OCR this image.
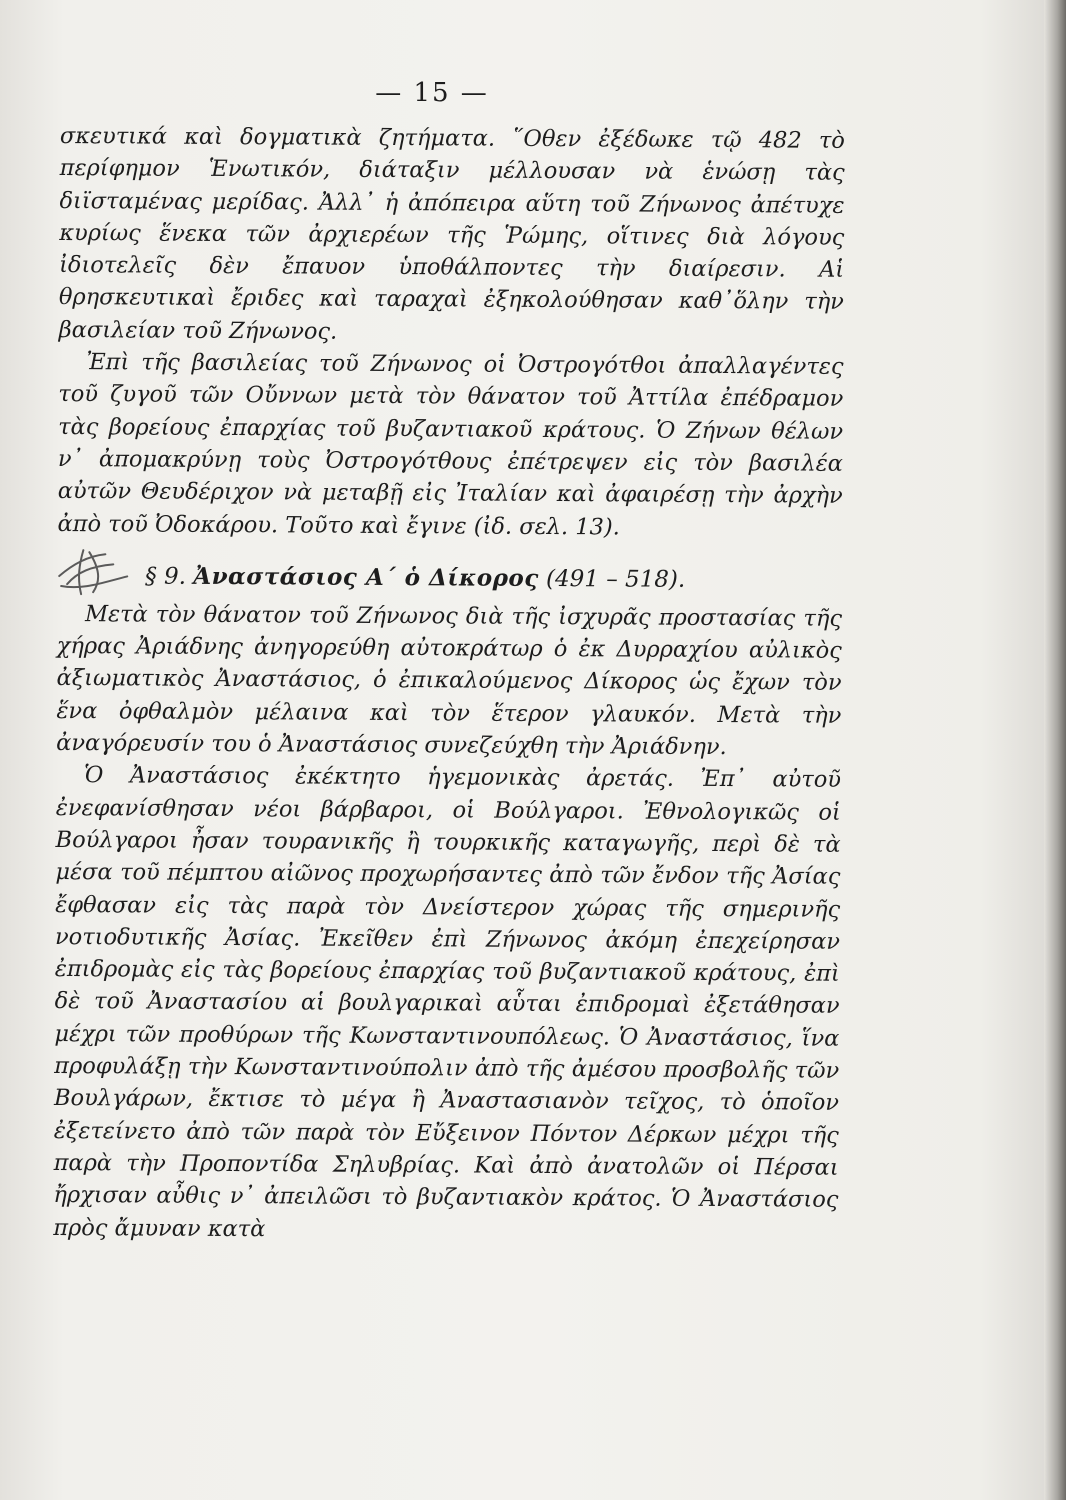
— 15 —

σκευτικά καὶ δογματικὰ ζητήματα. ῞Οθεν ἐξέδωκε τῷ 482 τὸ περίφημον Ἑνωτικόν, διάταξιν μέλλουσαν νὰ ἑνώσῃ τὰς διϊσταμένας μερίδας. Ἀλλ᾿ ἡ ἀπόπειρα αὕτη τοῦ Ζήνωνος ἀπέτυχε κυρίως ἕνεκα τῶν ἀρχιερέων τῆς Ῥώμης, οἵτινες διὰ λόγους ἰδιοτελεῖς δὲν ἔπαυον ὑποθάλποντες τὴν διαίρεσιν. Αἱ θρησκευτικαὶ ἔριδες καὶ ταραχαὶ ἐξηκολούθησαν καθ᾿ὅλην τὴν βασιλείαν τοῦ Ζήνωνος.

Ἐπὶ τῆς βασιλείας τοῦ Ζήνωνος οἱ Ὀστρογότθοι ἀπαλλαγέντες τοῦ ζυγοῦ τῶν Οὔννων μετὰ τὸν θάνατον τοῦ Ἀττίλα ἐπέδραμον τὰς βορείους ἐπαρχίας τοῦ βυζαντιακοῦ κράτους. Ὁ Ζήνων θέλων ν᾿ ἀπομακρύνῃ τοὺς Ὀστρογότθους ἐπέτρεψεν εἰς τὸν βασιλέα αὐτῶν Θευδέριχον νὰ μεταβῇ εἰς Ἰταλίαν καὶ ἀφαιρέσῃ τὴν ἀρχὴν ἀπὸ τοῦ Ὀδοκάρου. Τοῦτο καὶ ἔγινε (ἰδ. σελ. 13).

§ 9. Ἀναστάσιος Α΄ ὁ Δίκορος (491 – 518).

Μετὰ τὸν θάνατον τοῦ Ζήνωνος διὰ τῆς ἰσχυρᾶς προστασίας τῆς χήρας Ἀριάδνης ἀνηγορεύθη αὐτοκράτωρ ὁ ἐκ Δυρραχίου αὐλικὸς ἀξιωματικὸς Ἀναστάσιος, ὁ ἐπικαλούμενος Δίκορος ὡς ἔχων τὸν ἕνα ὀφθαλμὸν μέλαινα καὶ τὸν ἕτερον γλαυκόν. Μετὰ τὴν ἀναγόρευσίν του ὁ Ἀναστάσιος συνεζεύχθη τὴν Ἀριάδνην.

Ὁ Ἀναστάσιος ἐκέκτητο ἡγεμονικὰς ἀρετάς. Ἐπ᾿ αὐτοῦ ἐνεφανίσθησαν νέοι βάρβαροι, οἱ Βούλγαροι. Ἐθνολογικῶς οἱ Βούλγαροι ἦσαν τουρανικῆς ἢ τουρκικῆς καταγωγῆς, περὶ δὲ τὰ μέσα τοῦ πέμπτου αἰῶνος προχωρήσαντες ἀπὸ τῶν ἔνδον τῆς Ἀσίας ἔφθασαν εἰς τὰς παρὰ τὸν Δνείστερον χώρας τῆς σημερινῆς νοτιοδυτικῆς Ἀσίας. Ἐκεῖθεν ἐπὶ Ζήνωνος ἀκόμη ἐπεχείρησαν ἐπιδρομὰς εἰς τὰς βορείους ἐπαρχίας τοῦ βυζαντιακοῦ κράτους, ἐπὶ δὲ τοῦ Ἀναστασίου αἱ βουλγαρικαὶ αὗται ἐπιδρομαὶ ἐξετάθησαν μέχρι τῶν προθύρων τῆς Κωνσταντινουπόλεως. Ὁ Ἀναστάσιος, ἵνα προφυλάξῃ τὴν Κωνσταντινούπολιν ἀπὸ τῆς ἀμέσου προσβολῆς τῶν Βουλγάρων, ἔκτισε τὸ μέγα ἢ Ἀναστασιανὸν τεῖχος, τὸ ὁποῖον ἐξετείνετο ἀπὸ τῶν παρὰ τὸν Εὔξεινον Πόντον Δέρκων μέχρι τῆς παρὰ τὴν Προποντίδα Σηλυβρίας. Καὶ ἀπὸ ἀνατολῶν οἱ Πέρσαι ἤρχισαν αὖθις ν᾿ ἀπειλῶσι τὸ βυζαντιακὸν κράτος. Ὁ Ἀναστάσιος πρὸς ἄμυναν κατὰ
